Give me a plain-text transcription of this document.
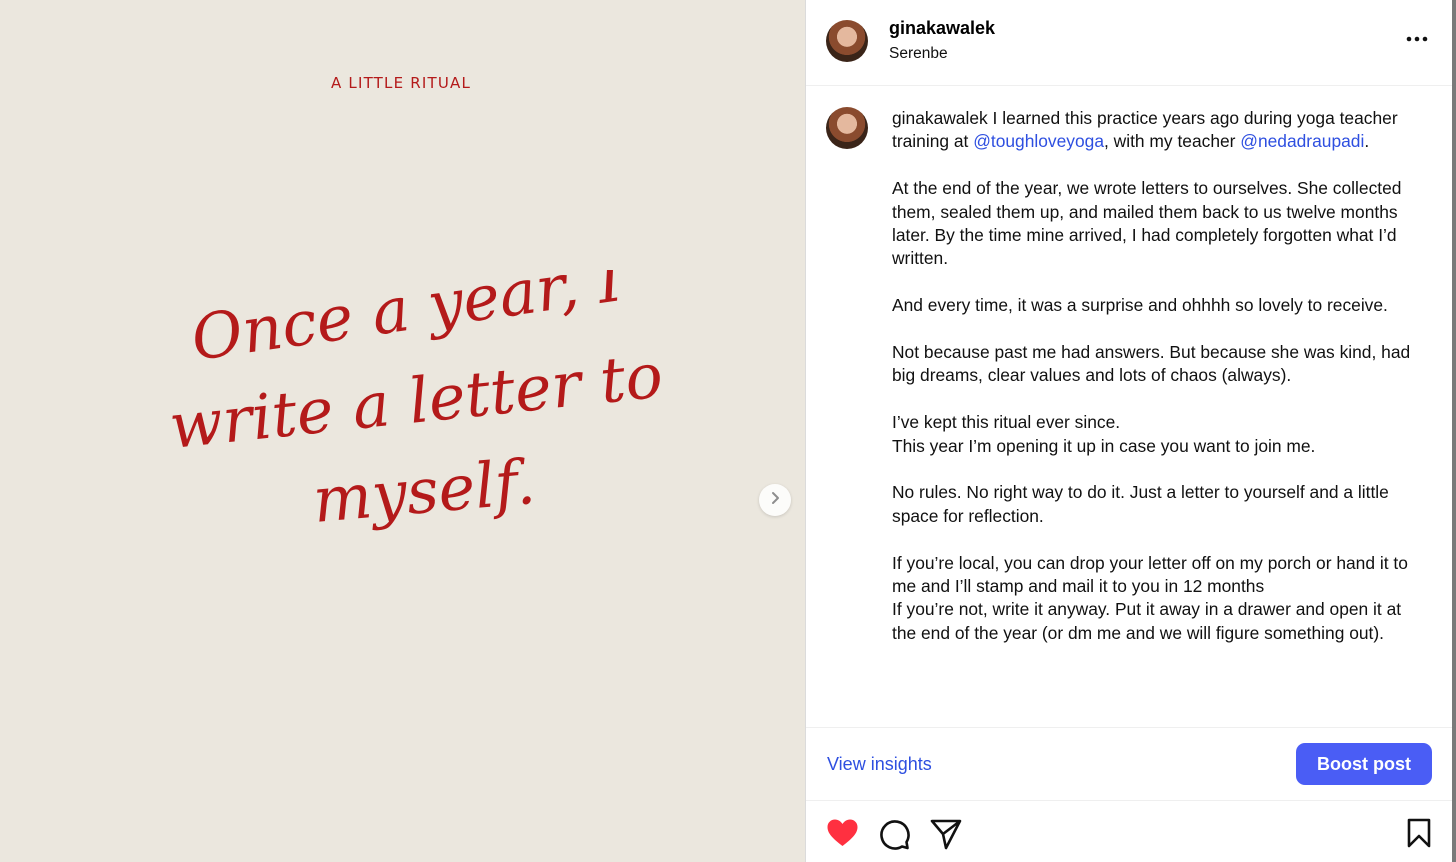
A LITTLE RITUAL
Once a year, I
write a letter to
myself.
ginakawalek
Serenbe

ginakawalek I learned this practice years ago during yoga teacher training at @toughloveyoga, with my teacher @nedadraupadi.

At the end of the year, we wrote letters to ourselves. She collected them, sealed them up, and mailed them back to us twelve months later. By the time mine arrived, I had completely forgotten what I’d written.

And every time, it was a surprise and ohhhh so lovely to receive.

Not because past me had answers. But because she was kind, had big dreams, clear values and lots of chaos (always).

I’ve kept this ritual ever since.
This year I’m opening it up in case you want to join me.

No rules. No right way to do it. Just a letter to yourself and a little space for reflection.

If you’re local, you can drop your letter off on my porch or hand it to me and I’ll stamp and mail it to you in 12 months
If you’re not, write it anyway. Put it away in a drawer and open it at the end of the year (or dm me and we will figure something out).

View insights	Boost post
